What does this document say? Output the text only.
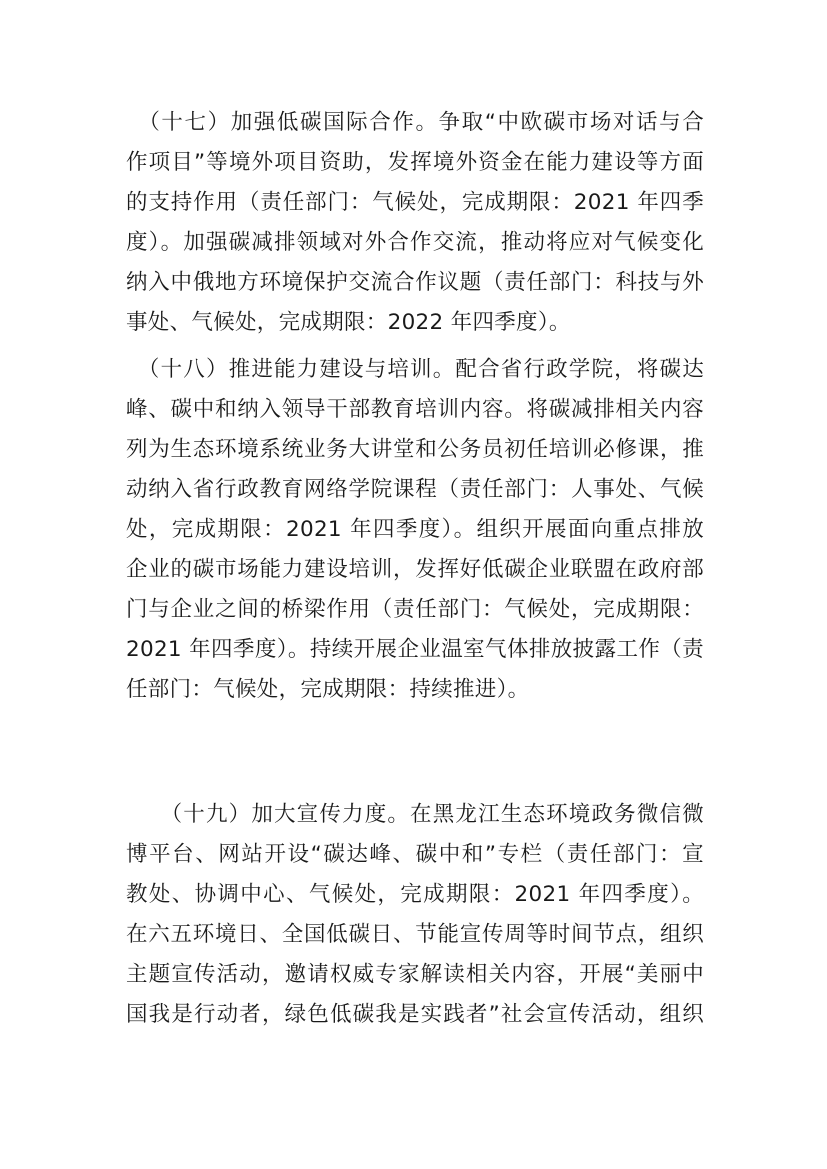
　（十七）加强低碳国际合作。争取“中欧碳市场对话与合
作项目”等境外项目资助，发挥境外资金在能力建设等方面
的支持作用（责任部门：气候处，完成期限：2021 年四季
度）。加强碳减排领域对外合作交流，推动将应对气候变化
纳入中俄地方环境保护交流合作议题（责任部门：科技与外
事处、气候处，完成期限：2022 年四季度）。
　（十八）推进能力建设与培训。配合省行政学院，将碳达
峰、碳中和纳入领导干部教育培训内容。将碳减排相关内容
列为生态环境系统业务大讲堂和公务员初任培训必修课，推
动纳入省行政教育网络学院课程（责任部门：人事处、气候
处，完成期限：2021 年四季度）。组织开展面向重点排放
企业的碳市场能力建设培训，发挥好低碳企业联盟在政府部
门与企业之间的桥梁作用（责任部门：气候处，完成期限：
2021 年四季度）。持续开展企业温室气体排放披露工作（责
任部门：气候处，完成期限：持续推进）。
　　（十九）加大宣传力度。在黑龙江生态环境政务微信微
博平台、网站开设“碳达峰、碳中和”专栏（责任部门：宣
教处、协调中心、气候处，完成期限：2021 年四季度）。
在六五环境日、全国低碳日、节能宣传周等时间节点，组织
主题宣传活动，邀请权威专家解读相关内容，开展“美丽中
国我是行动者，绿色低碳我是实践者”社会宣传活动，组织
